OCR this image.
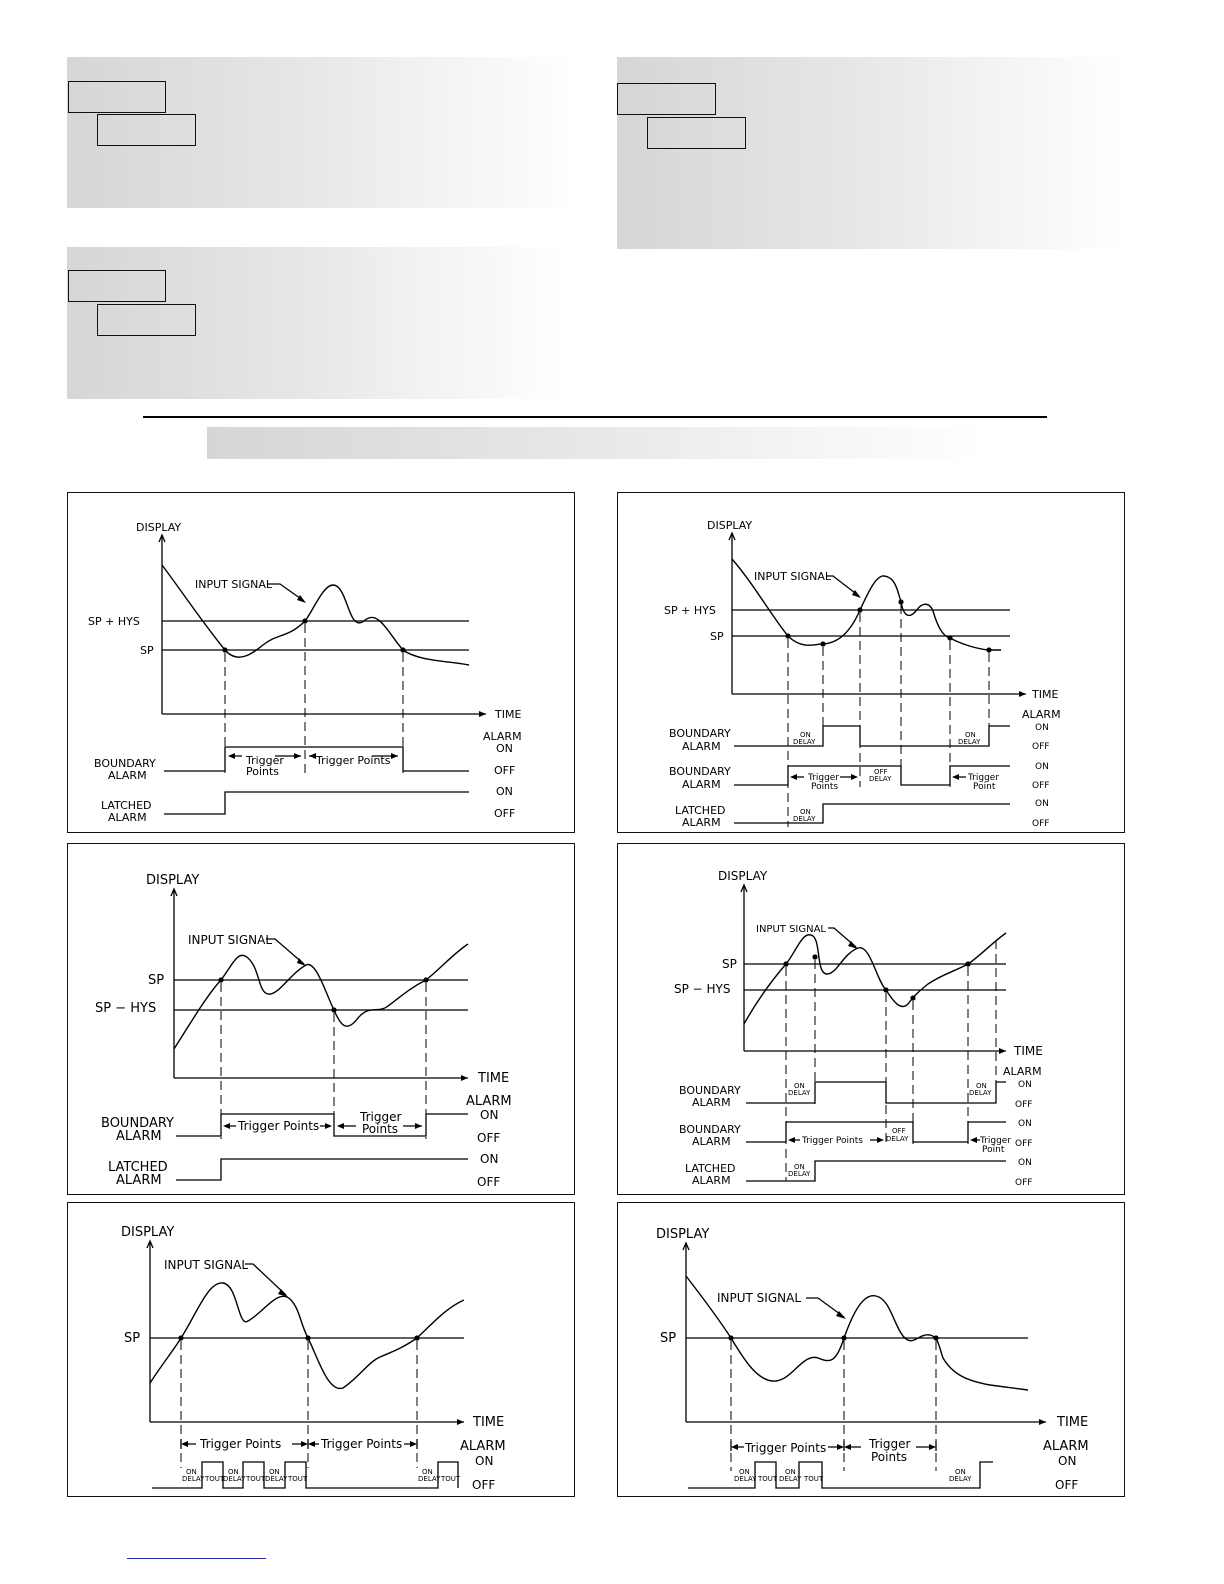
DISPLAY
TIME
SP + HYS
SP
INPUT SIGNAL
ALARM
BOUNDARY
ALARM
Trigger
Points
Trigger Points
ON
OFF
LATCHED
ALARM
ON
OFF
DISPLAY
TIME
SP + HYS
SP
INPUT SIGNAL
ALARM
BOUNDARY
ALARM
ON
DELAY
ON
DELAY
ON
OFF
BOUNDARY
ALARM	Trigger
Points
OFF
DELAY	Trigger
Point
ON
OFF
LATCHED
ALARM
ON
DELAY
ON
OFF
DISPLAY
TIME
SP
SP − HYS
INPUT SIGNAL
ALARM
BOUNDARY
ALARM
Trigger Points
Trigger
Points
ON
OFF
LATCHED
ALARM
ON
OFF
DISPLAY
TIME
SP
SP − HYS
INPUT SIGNAL
ALARM
BOUNDARY
ALARM
ON
DELAY
ON
DELAY
ON
OFF
BOUNDARY
ALARM	Trigger Points
OFF
DELAY	Trigger
Point
ON
OFF
LATCHED
ALARM
ON
DELAY
ON
OFF
DISPLAY
TIME
SP
INPUT SIGNAL
Trigger Points	Trigger Points	ALARM
ON
OFF
ON
DELAY TOUT
ON
DELAY TOUT
ON
DELAY TOUT
ON
DELAY TOUT
DISPLAY
TIME
SP
INPUT SIGNAL
Trigger Points	Trigger
Points
ALARM
ON
OFF
ON
DELAY TOUT
ON
DELAY TOUT
ON
DELAY
